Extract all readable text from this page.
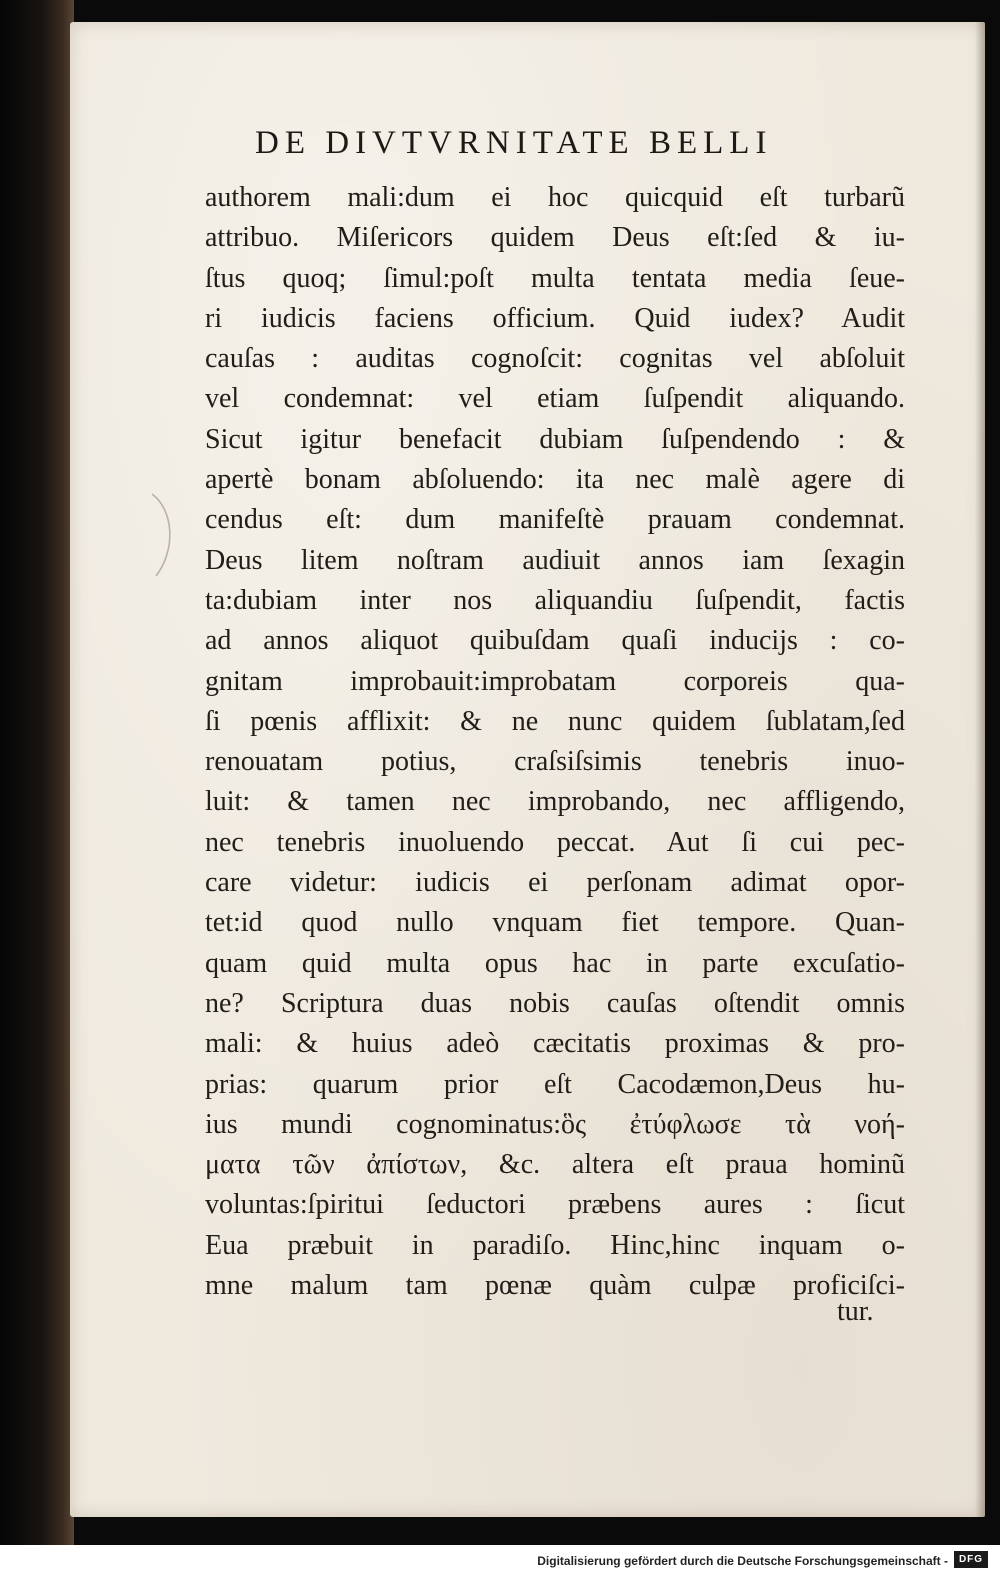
DE DIVTVRNITATE BELLI
authorem mali:dum ei hoc quicquid eſt turbarũ
attribuo. Miſericors quidem Deus eſt:ſed & iu-
ſtus quoq; ſimul:poſt multa tentata media ſeue-
ri iudicis faciens officium. Quid iudex? Audit
cauſas : auditas cognoſcit: cognitas vel abſoluit
vel condemnat: vel etiam ſuſpendit aliquando.
Sicut igitur benefacit dubiam ſuſpendendo : &
apertè bonam abſoluendo: ita nec malè agere di
cendus eſt: dum manifeſtè prauam condemnat.
Deus litem noſtram audiuit annos iam ſexagin
ta:dubiam inter nos aliquandiu ſuſpendit, factis
ad annos aliquot quibuſdam quaſi inducijs : co-
gnitam improbauit:improbatam corporeis qua-
ſi pœnis afflixit: & ne nunc quidem ſublatam,ſed
renouatam potius, craſsiſsimis tenebris inuo-
luit: & tamen nec improbando, nec affligendo,
nec tenebris inuoluendo peccat. Aut ſi cui pec-
care videtur: iudicis ei perſonam adimat opor-
tet:id quod nullo vnquam fiet tempore. Quan-
quam quid multa opus hac in parte excuſatio-
ne? Scriptura duas nobis cauſas oſtendit omnis
mali: & huius adeò cæcitatis proximas & pro-
prias: quarum prior eſt Cacodæmon,Deus hu-
ius mundi cognominatus:ὃς ἐτύφλωσε τὰ νοή-
ματα τῶν ἀπίστων, &c. altera eſt praua hominũ
voluntas:ſpiritui ſeductori præbens aures : ſicut
Eua præbuit in paradiſo. Hinc,hinc inquam o-
mne malum tam pœnæ quàm culpæ proficiſci-
tur.
Digitalisierung gefördert durch die Deutsche Forschungsgemeinschaft -	DFG
